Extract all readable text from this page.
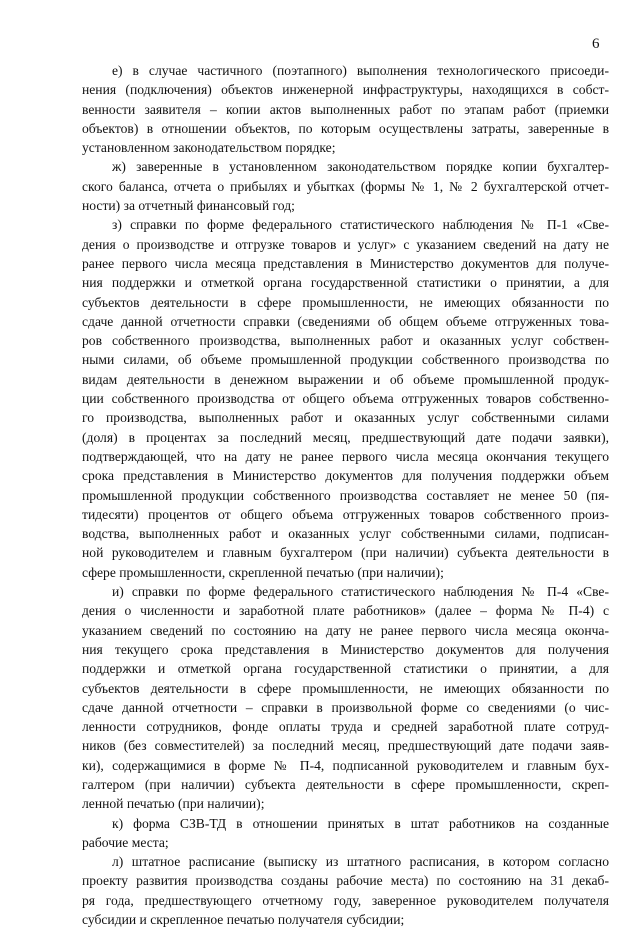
6
е) в случае частичного (поэтапного) выполнения технологического присоеди-
нения (подключения) объектов инженерной инфраструктуры, находящихся в собст-
венности заявителя – копии актов выполненных работ по этапам работ (приемки
объектов) в отношении объектов, по которым осуществлены затраты, заверенные в
установленном законодательством порядке;
ж) заверенные в установленном законодательством порядке копии бухгалтер-
ского баланса, отчета о прибылях и убытках (формы № 1, № 2 бухгалтерской отчет-
ности) за отчетный финансовый год;
з) справки по форме федерального статистического наблюдения № П-1 «Све-
дения о производстве и отгрузке товаров и услуг» с указанием сведений на дату не
ранее первого числа месяца представления в Министерство документов для получе-
ния поддержки и отметкой органа государственной статистики о принятии, а для
субъектов деятельности в сфере промышленности, не имеющих обязанности по
сдаче данной отчетности справки (сведениями об общем объеме отгруженных това-
ров собственного производства, выполненных работ и оказанных услуг собствен-
ными силами, об объеме промышленной продукции собственного производства по
видам деятельности в денежном выражении и об объеме промышленной продук-
ции собственного производства от общего объема отгруженных товаров собственно-
го производства, выполненных работ и оказанных услуг собственными силами
(доля) в процентах за последний месяц, предшествующий дате подачи заявки),
подтверждающей, что на дату не ранее первого числа месяца окончания текущего
срока представления в Министерство документов для получения поддержки объем
промышленной продукции собственного производства составляет не менее 50 (пя-
тидесяти) процентов от общего объема отгруженных товаров собственного произ-
водства, выполненных работ и оказанных услуг собственными силами, подписан-
ной руководителем и главным бухгалтером (при наличии) субъекта деятельности в
сфере промышленности, скрепленной печатью (при наличии);
и) справки по форме федерального статистического наблюдения № П-4 «Све-
дения о численности и заработной плате работников» (далее – форма № П-4) с
указанием сведений по состоянию на дату не ранее первого числа месяца оконча-
ния текущего срока представления в Министерство документов для получения
поддержки и отметкой органа государственной статистики о принятии, а для
субъектов деятельности в сфере промышленности, не имеющих обязанности по
сдаче данной отчетности – справки в произвольной форме со сведениями (о чис-
ленности сотрудников, фонде оплаты труда и средней заработной плате сотруд-
ников (без совместителей) за последний месяц, предшествующий дате подачи заяв-
ки), содержащимися в форме № П-4, подписанной руководителем и главным бух-
галтером (при наличии) субъекта деятельности в сфере промышленности, скреп-
ленной печатью (при наличии);
к) форма СЗВ-ТД в отношении принятых в штат работников на созданные
рабочие места;
л) штатное расписание (выписку из штатного расписания, в котором согласно
проекту развития производства созданы рабочие места) по состоянию на 31 декаб-
ря года, предшествующего отчетному году, заверенное руководителем получателя
субсидии и скрепленное печатью получателя субсидии;
